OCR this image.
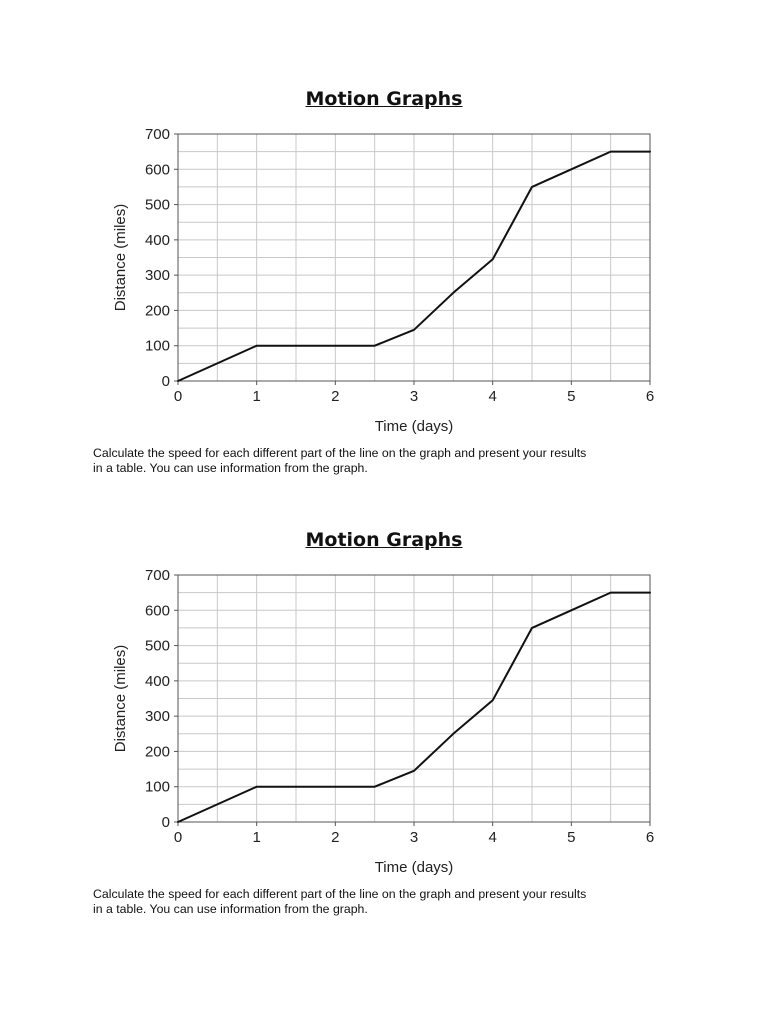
Motion Graphs
0	1	2	3	4	5	6
0
100
200
300
400
500
600
700
Time (days)
Distance (miles)
Calculate the speed for each different part of the line on the graph and present your results
in a table. You can use information from the graph.
Motion Graphs
0	1	2	3	4	5	6
0
100
200
300
400
500
600
700
Time (days)
Distance (miles)
Calculate the speed for each different part of the line on the graph and present your results
in a table. You can use information from the graph.
